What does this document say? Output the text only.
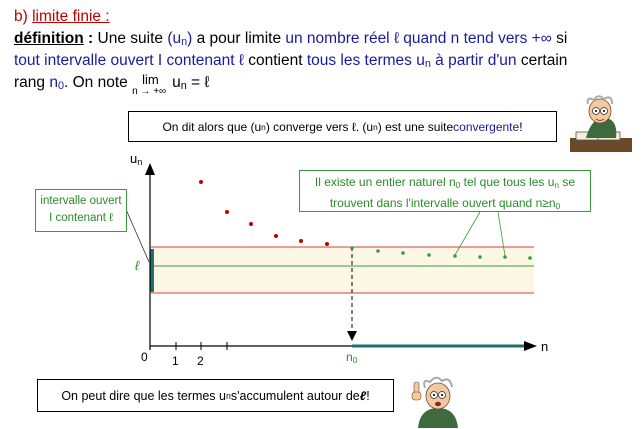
b) limite finie :
définition : Une suite $(u_n)$ a pour limite un nombre réel ℓ quand n tend vers +∞ si
tout intervalle ouvert I contenant ℓ contient tous les termes $u_n$ à partir d'un certain
rang $n_0$. On note lim
n → +∞
$u_n$ = ℓ
On dit alors que (u n ) converge vers ℓ. (u n ) est une suite convergente !
$u_n$
n
0 1 2	$n_0$
ℓ
intervalle ouvert
I contenant ℓ
Il existe un entier naturel $n_0$ tel que tous les $u_n$ se
trouvent dans l'intervalle ouvert quand $n\ge n_0$
On peut dire que les termes u n s'accumulent autour de ℓ !
